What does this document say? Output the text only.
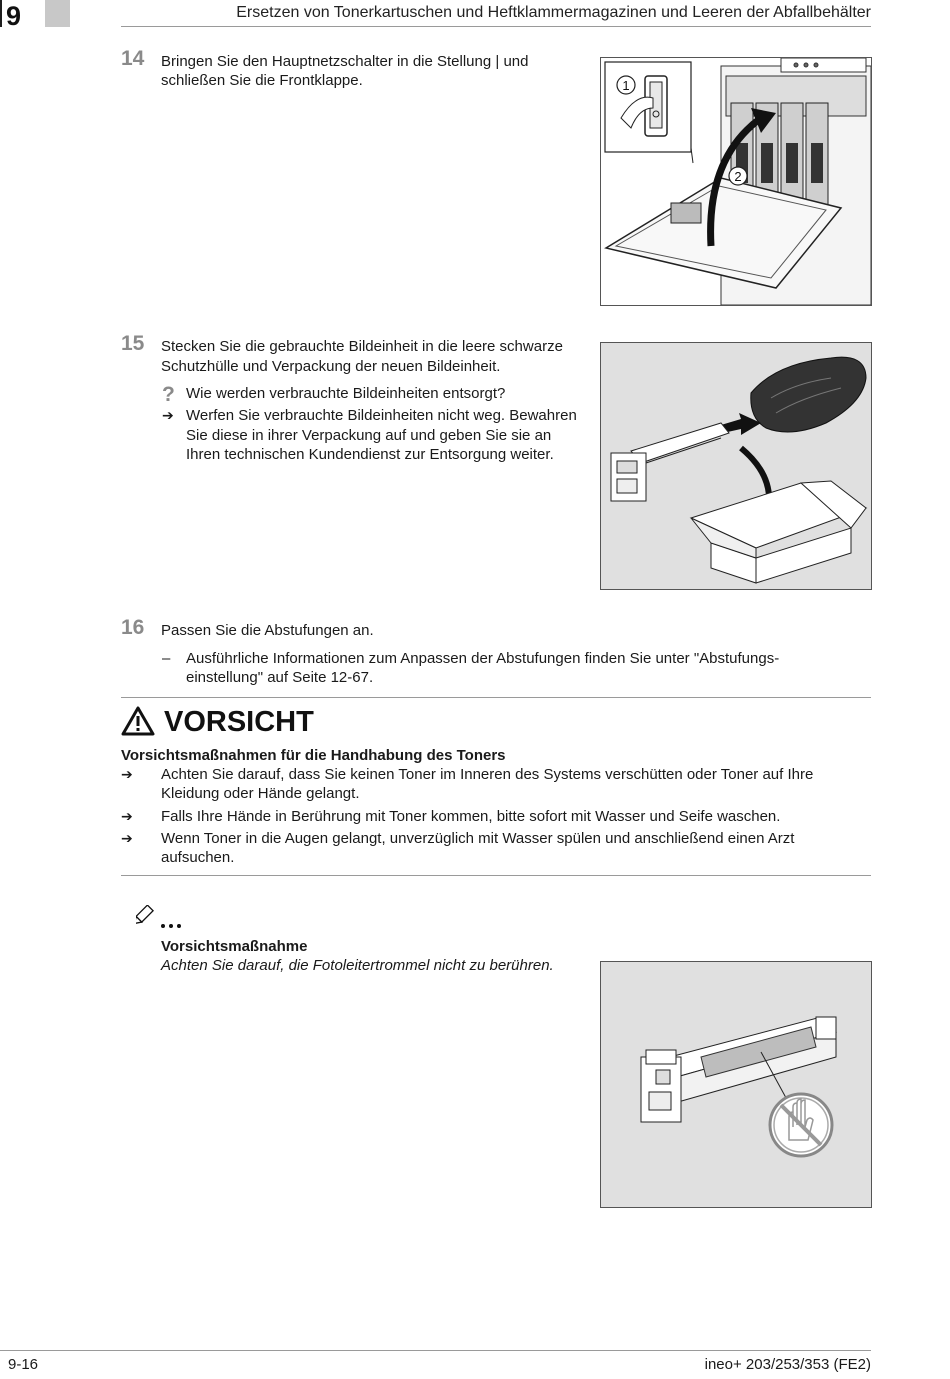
9	Ersetzen von Tonerkartuschen und Heftklammermagazinen und Leeren der Abfallbehälter
14 Bringen Sie den Hauptnetzschalter in die Stellung | und
schließen Sie die Frontklappe.	1
2
15 Stecken Sie die gebrauchte Bildeinheit in die leere schwarze
Schutzhülle und Verpackung der neuen Bildeinheit.
? Wie werden verbrauchte Bildeinheiten entsorgt?
➔ Werfen Sie verbrauchte Bildeinheiten nicht weg. Bewahren
Sie diese in ihrer Verpackung auf und geben Sie sie an
Ihren technischen Kundendienst zur Entsorgung weiter.
16 Passen Sie die Abstufungen an.
– Ausführliche Informationen zum Anpassen der Abstufungen finden Sie unter "Abstufungs-
einstellung" auf Seite 12-67.
VORSICHT
Vorsichtsmaßnahmen für die Handhabung des Toners
➔ Achten Sie darauf, dass Sie keinen Toner im Inneren des Systems verschütten oder Toner auf Ihre
Kleidung oder Hände gelangt.
➔ Falls Ihre Hände in Berührung mit Toner kommen, bitte sofort mit Wasser und Seife waschen.
➔ Wenn Toner in die Augen gelangt, unverzüglich mit Wasser spülen und anschließend einen Arzt
aufsuchen.
Vorsichtsmaßnahme
Achten Sie darauf, die Fotoleitertrommel nicht zu berühren.
9-16	ineo+ 203/253/353 (FE2)
